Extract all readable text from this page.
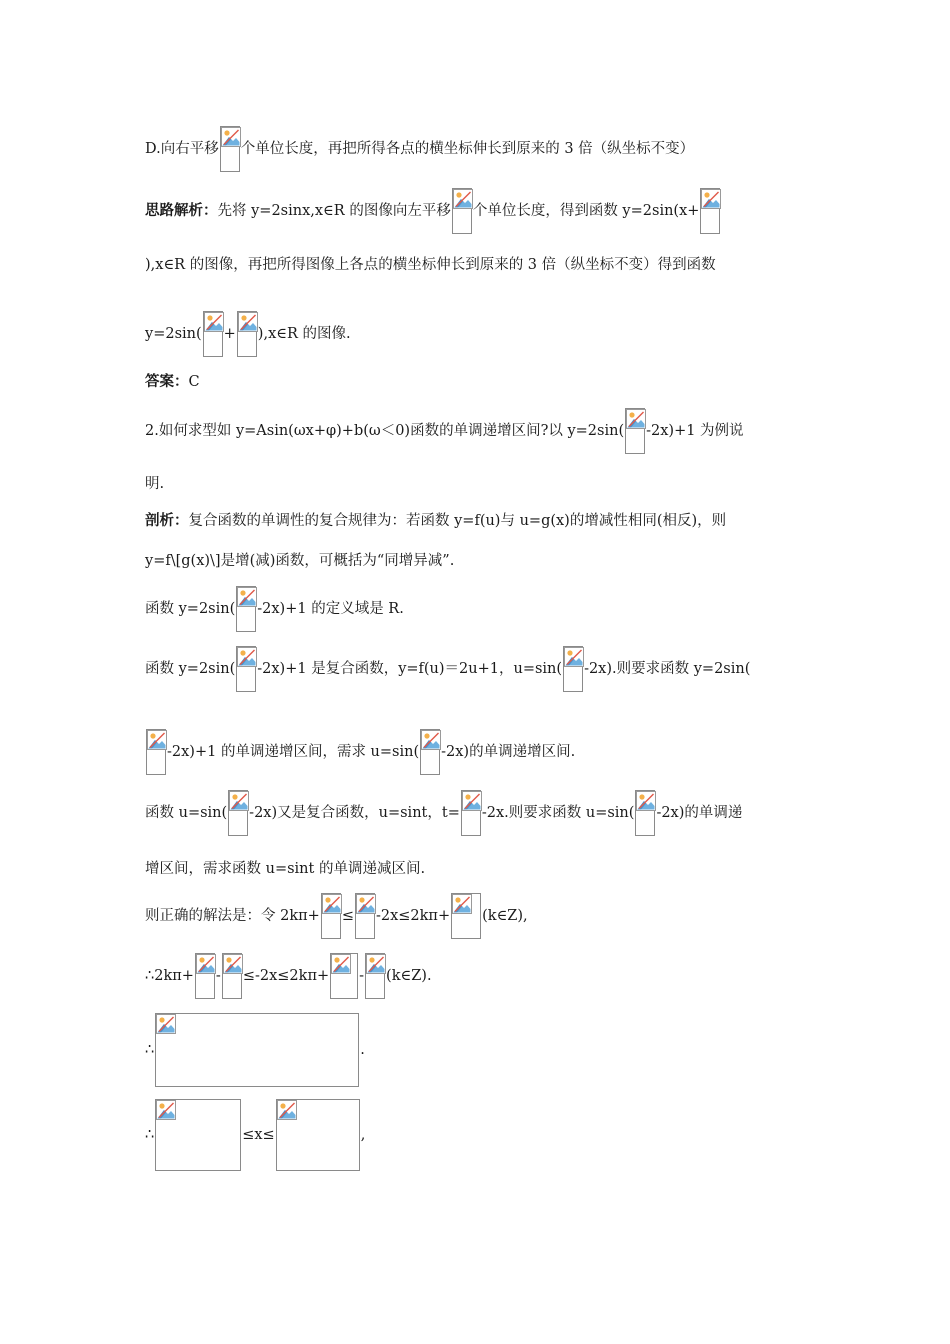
D.向右平移 个单位长度，再把所得各点的横坐标伸长到原来的 3 倍（纵坐标不变）
思路解析：先将 y=2sinx,x∈R 的图像向左平移 个单位长度，得到函数 y=2sin(x+
),x∈R 的图像，再把所得图像上各点的横坐标伸长到原来的 3 倍（纵坐标不变）得到函数
y=2sin( + ),x∈R 的图像.
答案：C
2.如何求型如 y=Asin(ωx+φ)+b(ω＜0)函数的单调递增区间?以 y=2sin( -2x)+1 为例说
明.
剖析：复合函数的单调性的复合规律为：若函数 y=f(u)与 u=g(x)的增减性相同(相反)，则
y=f\[g(x)\]是增(减)函数，可概括为“同增异减”.
函数 y=2sin( -2x)+1 的定义域是 R.
函数 y=2sin( -2x)+1 是复合函数，y=f(u)＝2u+1，u=sin( -2x).则要求函数 y=2sin(
-2x)+1 的单调递增区间，需求 u=sin( -2x)的单调递增区间.
函数 u=sin( -2x)又是复合函数，u=sint，t= -2x.则要求函数 u=sin( -2x)的单调递
增区间，需求函数 u=sint 的单调递减区间.
则正确的解法是：令 2kπ+ ≤ -2x≤2kπ+ (k∈Z),
∴2kπ+ - ≤-2x≤2kπ+ - (k∈Z).
∴	.
∴	≤x≤	,
